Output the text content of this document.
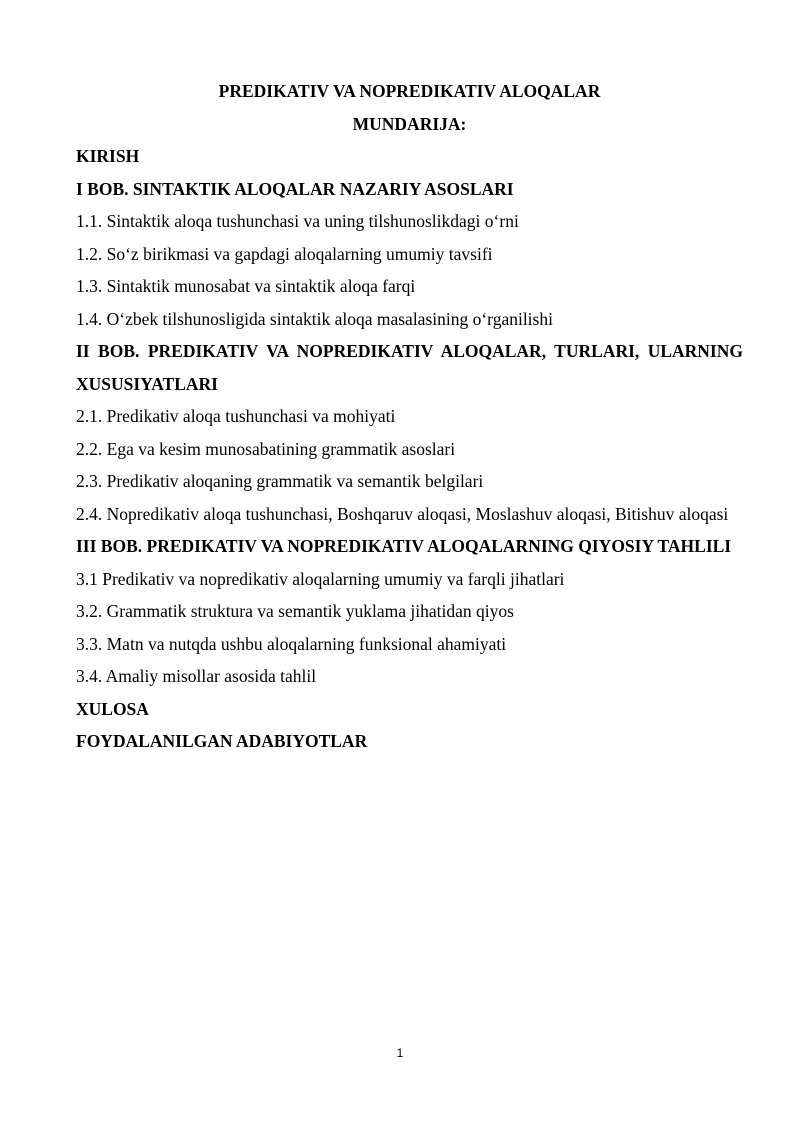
PREDIKATIV VA NOPREDIKATIV ALOQALAR

MUNDARIJA:

KIRISH
I BOB. SINTAKTIK ALOQALAR NAZARIY ASOSLARI
1.1. Sintaktik aloqa tushunchasi va uning tilshunoslikdagi o‘rni
1.2. So‘z birikmasi va gapdagi aloqalarning umumiy tavsifi
1.3. Sintaktik munosabat va sintaktik aloqa farqi
1.4. O‘zbek tilshunosligida sintaktik aloqa masalasining o‘rganilishi
II BOB. PREDIKATIV VA NOPREDIKATIV ALOQALAR, TURLARI, ULARNING XUSUSIYATLARI
2.1. Predikativ aloqa tushunchasi va mohiyati
2.2. Ega va kesim munosabatining grammatik asoslari
2.3. Predikativ aloqaning grammatik va semantik belgilari
2.4. Nopredikativ aloqa tushunchasi, Boshqaruv aloqasi, Moslashuv aloqasi, Bitishuv aloqasi
III BOB. PREDIKATIV VA NOPREDIKATIV ALOQALARNING QIYOSIY TAHLILI
3.1 Predikativ va nopredikativ aloqalarning umumiy va farqli jihatlari
3.2. Grammatik struktura va semantik yuklama jihatidan qiyos
3.3. Matn va nutqda ushbu aloqalarning funksional ahamiyati
3.4. Amaliy misollar asosida tahlil
XULOSA
FOYDALANILGAN ADABIYOTLAR
1
